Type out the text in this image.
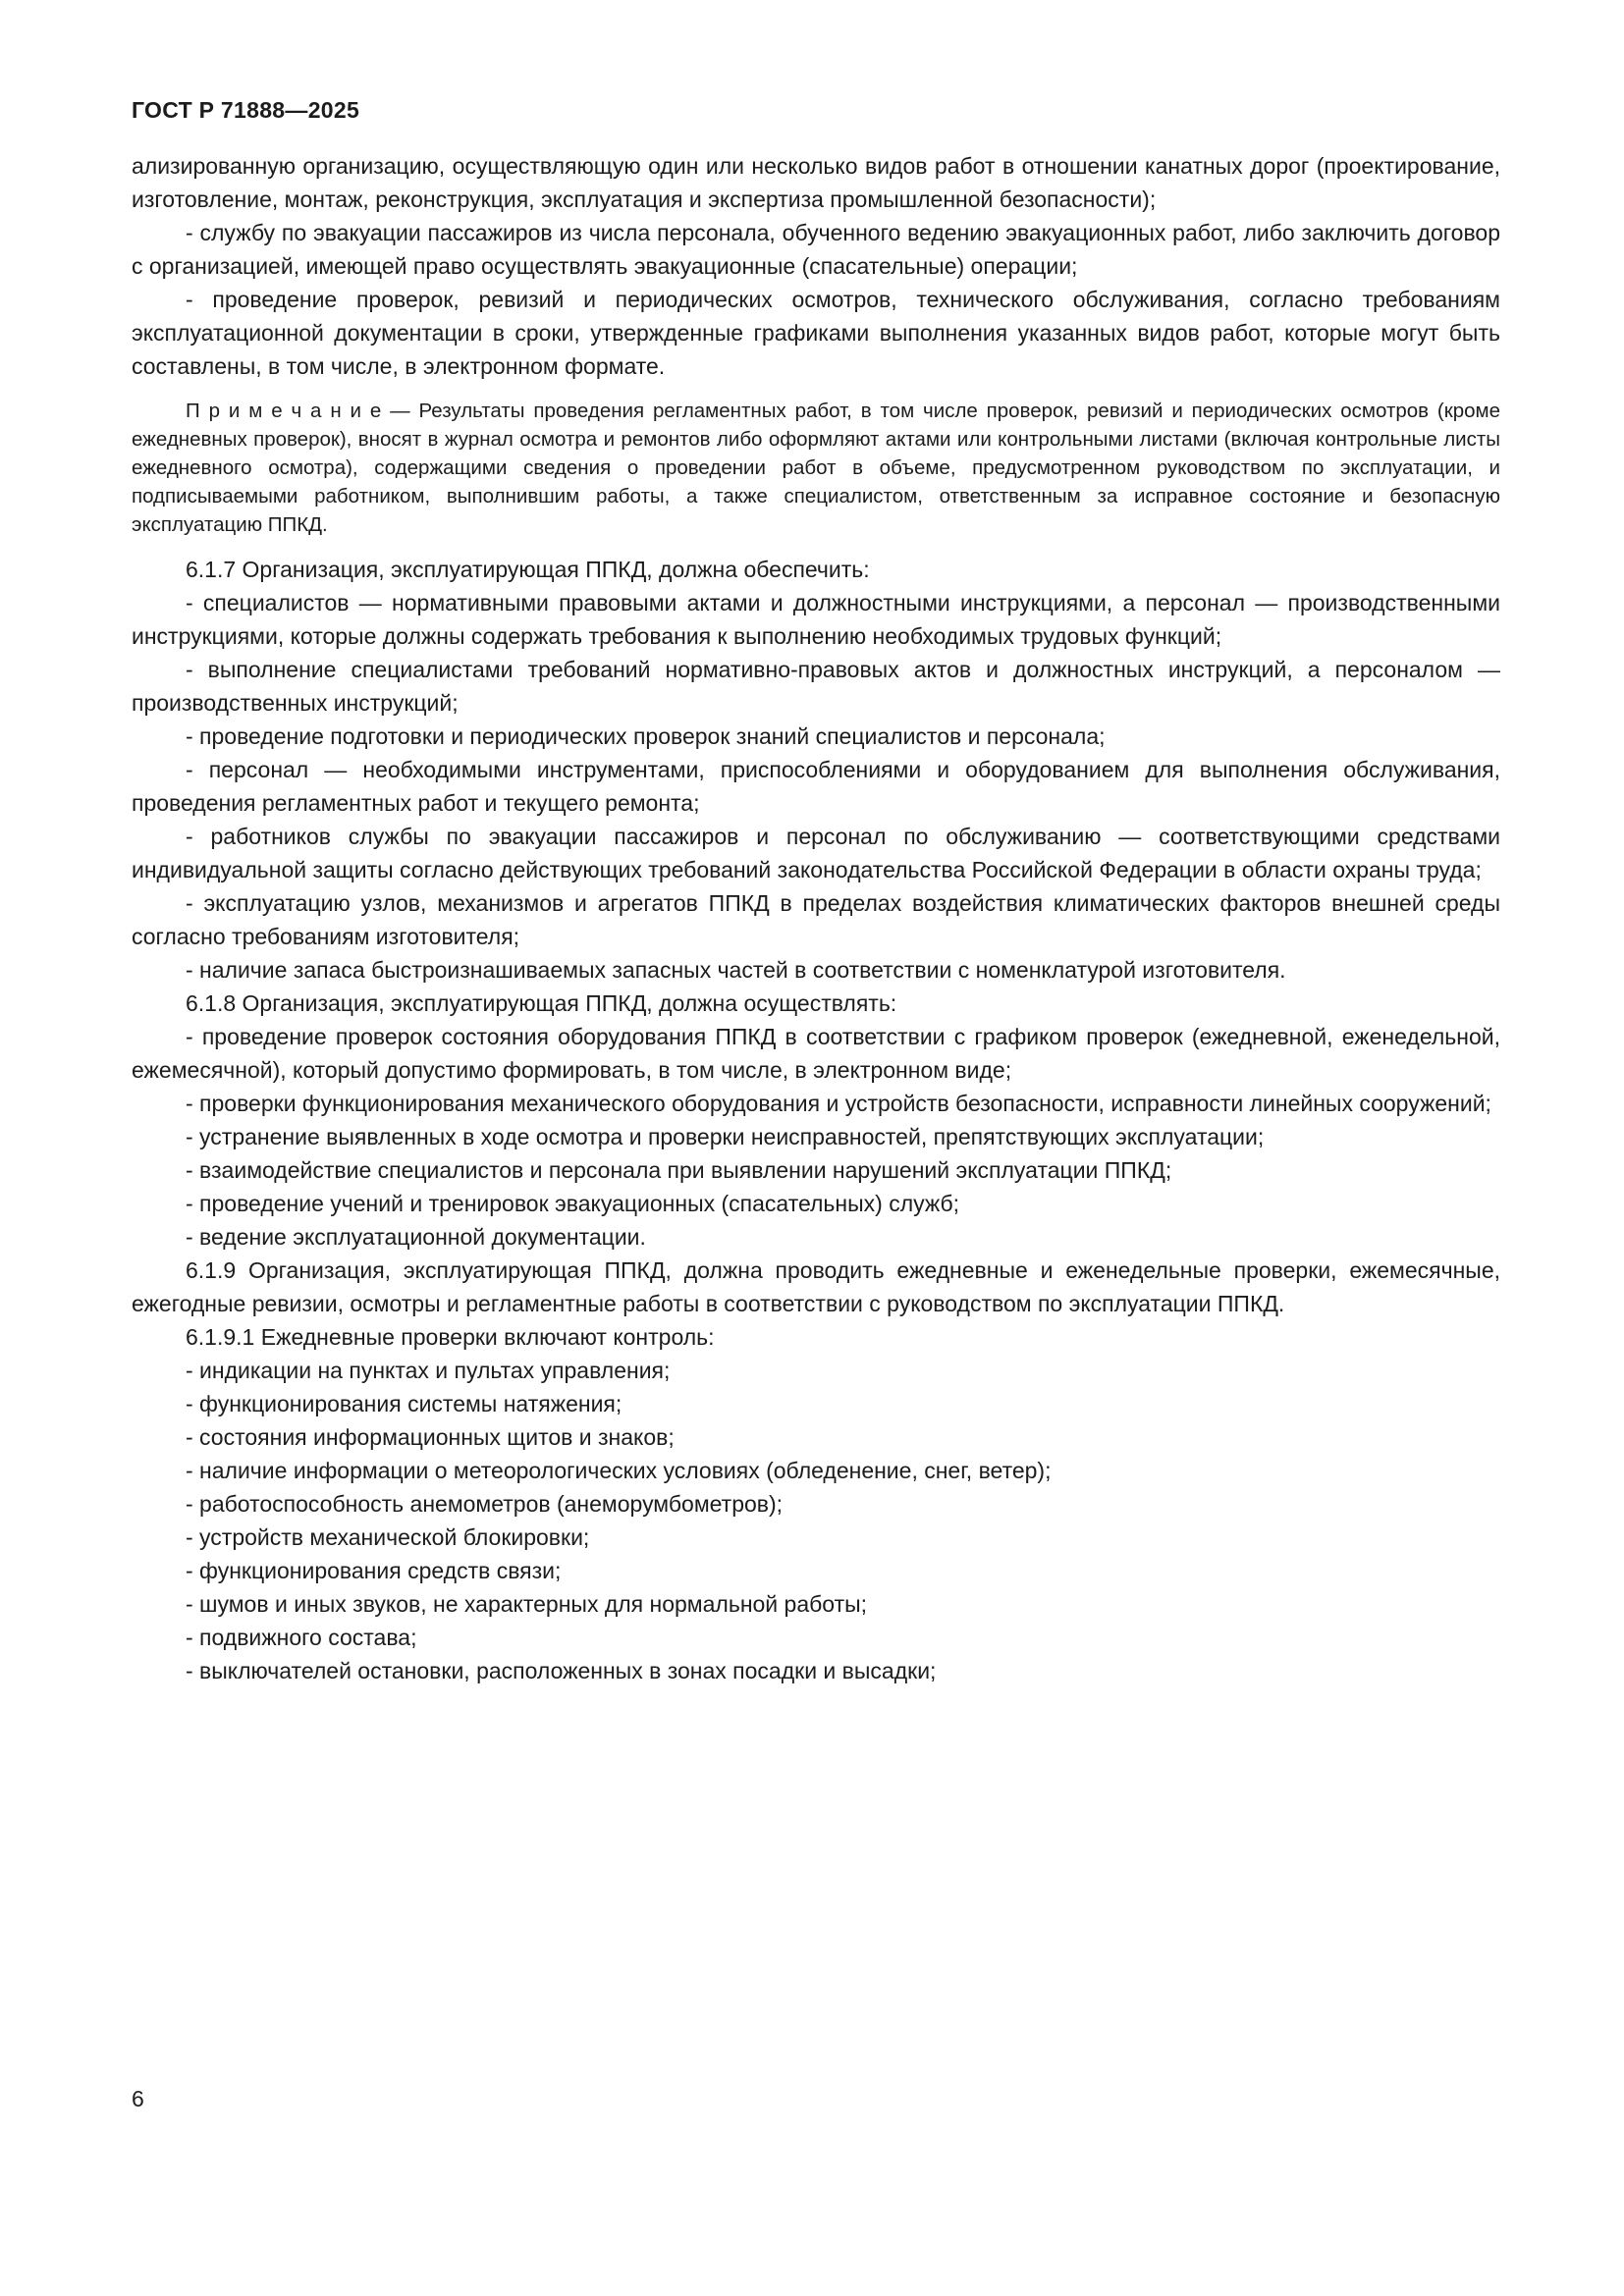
ГОСТ Р 71888—2025

ализированную организацию, осуществляющую один или несколько видов работ в отношении канатных дорог (проектирование, изготовление, монтаж, реконструкция, эксплуатация и экспертиза промышленной безопасности);

- службу по эвакуации пассажиров из числа персонала, обученного ведению эвакуационных работ, либо заключить договор с организацией, имеющей право осуществлять эвакуационные (спасательные) операции;

- проведение проверок, ревизий и периодических осмотров, технического обслуживания, согласно требованиям эксплуатационной документации в сроки, утвержденные графиками выполнения указанных видов работ, которые могут быть составлены, в том числе, в электронном формате.

П р и м е ч а н и е — Результаты проведения регламентных работ, в том числе проверок, ревизий и периодических осмотров (кроме ежедневных проверок), вносят в журнал осмотра и ремонтов либо оформляют актами или контрольными листами (включая контрольные листы ежедневного осмотра), содержащими сведения о проведении работ в объеме, предусмотренном руководством по эксплуатации, и подписываемыми работником, выполнившим работы, а также специалистом, ответственным за исправное состояние и безопасную эксплуатацию ППКД.

6.1.7 Организация, эксплуатирующая ППКД, должна обеспечить:

- специалистов — нормативными правовыми актами и должностными инструкциями, а персонал — производственными инструкциями, которые должны содержать требования к выполнению необходимых трудовых функций;

- выполнение специалистами требований нормативно-правовых актов и должностных инструкций, а персоналом — производственных инструкций;

- проведение подготовки и периодических проверок знаний специалистов и персонала;

- персонал — необходимыми инструментами, приспособлениями и оборудованием для выполнения обслуживания, проведения регламентных работ и текущего ремонта;

- работников службы по эвакуации пассажиров и персонал по обслуживанию — соответствующими средствами индивидуальной защиты согласно действующих требований законодательства Российской Федерации в области охраны труда;

- эксплуатацию узлов, механизмов и агрегатов ППКД в пределах воздействия климатических факторов внешней среды согласно требованиям изготовителя;

- наличие запаса быстроизнашиваемых запасных частей в соответствии с номенклатурой изготовителя.

6.1.8 Организация, эксплуатирующая ППКД, должна осуществлять:

- проведение проверок состояния оборудования ППКД в соответствии с графиком проверок (ежедневной, еженедельной, ежемесячной), который допустимо формировать, в том числе, в электронном виде;

- проверки функционирования механического оборудования и устройств безопасности, исправности линейных сооружений;

- устранение выявленных в ходе осмотра и проверки неисправностей, препятствующих эксплуатации;

- взаимодействие специалистов и персонала при выявлении нарушений эксплуатации ППКД;

- проведение учений и тренировок эвакуационных (спасательных) служб;

- ведение эксплуатационной документации.

6.1.9 Организация, эксплуатирующая ППКД, должна проводить ежедневные и еженедельные проверки, ежемесячные, ежегодные ревизии, осмотры и регламентные работы в соответствии с руководством по эксплуатации ППКД.

6.1.9.1 Ежедневные проверки включают контроль:

- индикации на пунктах и пультах управления;

- функционирования системы натяжения;

- состояния информационных щитов и знаков;

- наличие информации о метеорологических условиях (обледенение, снег, ветер);

- работоспособность анемометров (анеморумбометров);

- устройств механической блокировки;

- функционирования средств связи;

- шумов и иных звуков, не характерных для нормальной работы;

- подвижного состава;

- выключателей остановки, расположенных в зонах посадки и высадки;

6
